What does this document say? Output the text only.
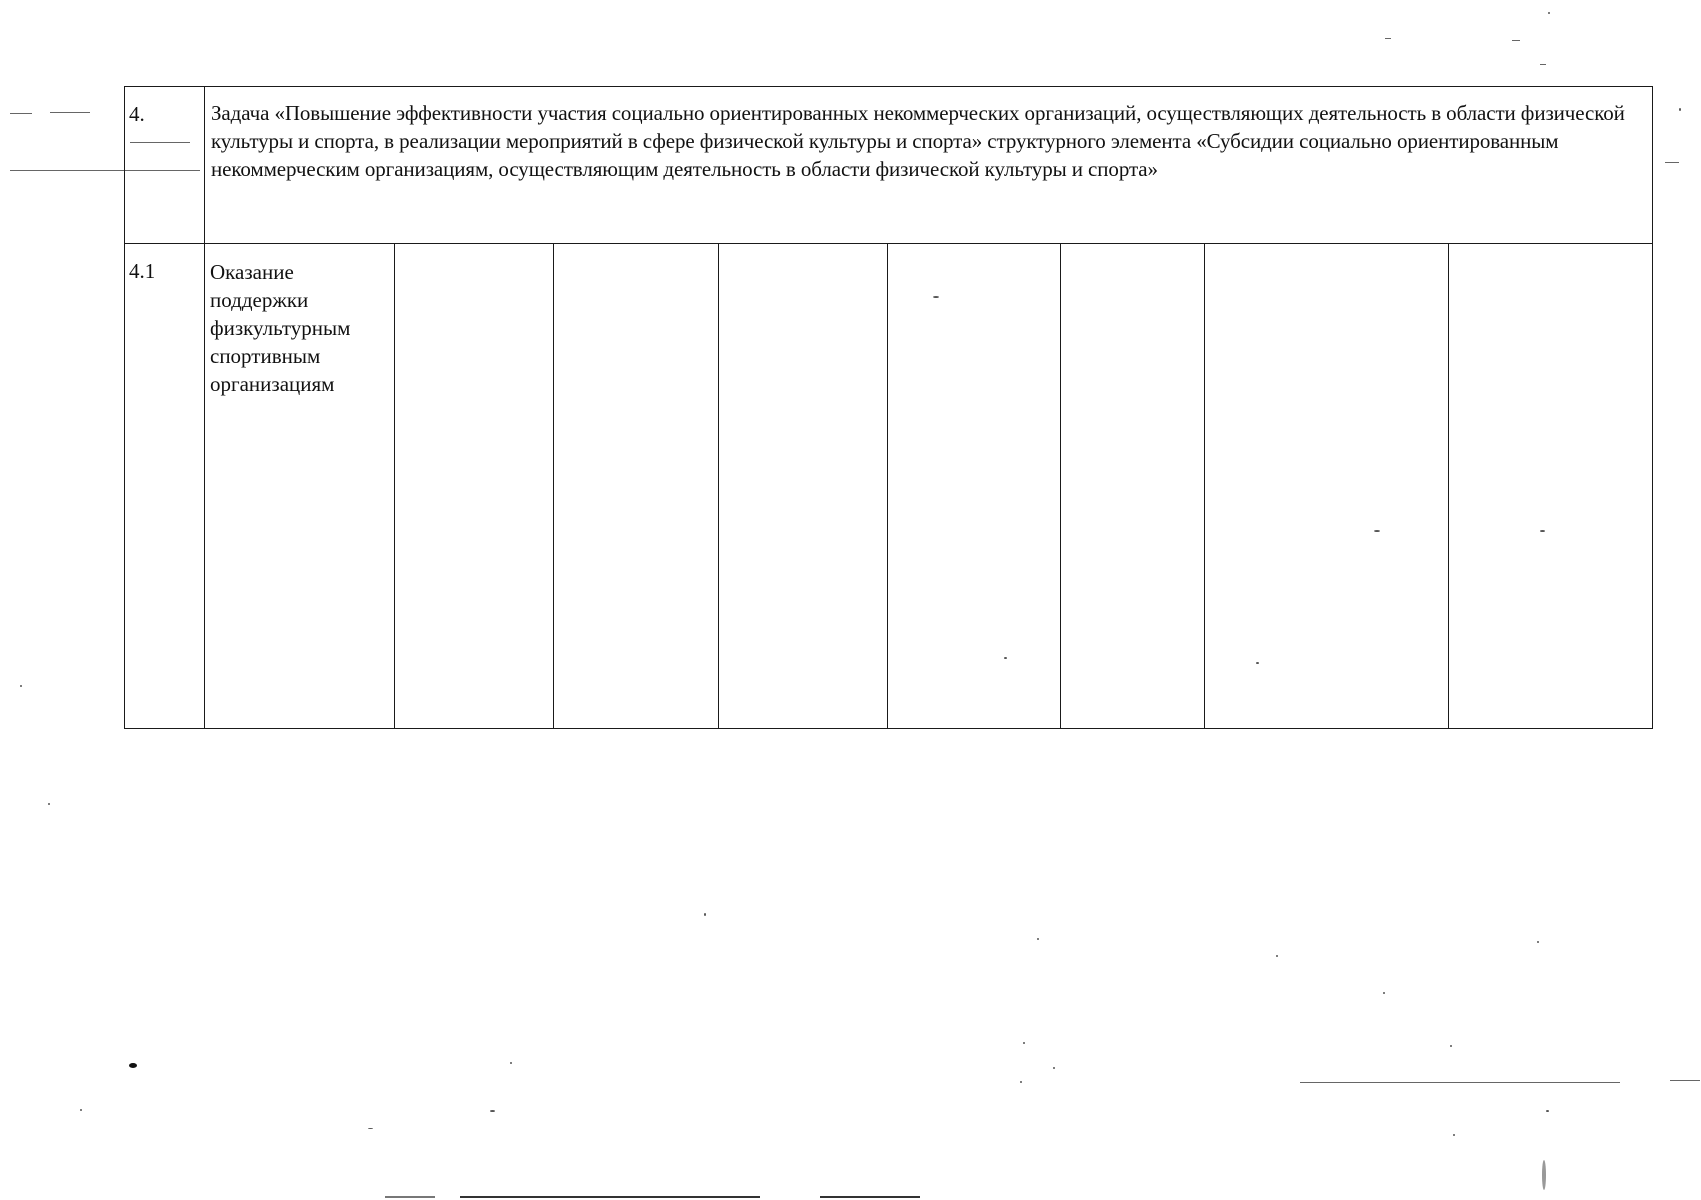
4.	Задача «Повышение эффективности участия социально ориентированных некоммерческих организаций, осуществляющих деятельность в области физической культуры и спорта, в реализации мероприятий в сфере физической культуры и спорта» структурного элемента «Субсидии социально ориентированным некоммерческим организациям, осуществляющим деятельность в области физической культуры и спорта»							

4.1	Оказание поддержки физкультурным спортивным организациям							
